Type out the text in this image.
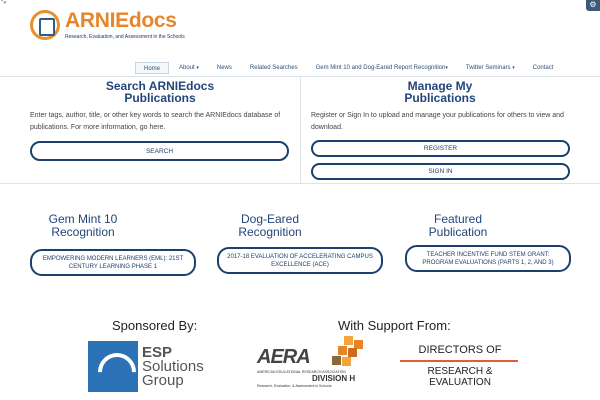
"»	⚙
ARNIEdocs
Research, Evaluation, and Assessment in the Schools
Home	About ▾	News	Related Searches	Gem Mint 10 and Dog-Eared Report Recognition▾	Twitter Seminars ▾	Contact
Search ARNIEdocs
Publications
Enter tags, author, title, or other key words to search the ARNIEdocs database of
publications. For more information, go here.
SEARCH
Manage My
Publications
Register or Sign In to upload and manage your publications for others to view and
download.
REGISTER
SIGN IN
Gem Mint 10
Recognition
EMPOWERING MODERN LEARNERS (EML): 21ST CENTURY LEARNING PHASE 1
Dog-Eared
Recognition
2017-18 EVALUATION OF ACCELERATING CAMPUS EXCELLENCE (ACE)
Featured
Publication
TEACHER INCENTIVE FUND STEM GRANT: PROGRAM EVALUATIONS (PARTS 1, 2, AND 3)
Sponsored By:	With Support From:
ESP
Solutions
Group
AERA
AMERICAN EDUCATIONAL RESEARCH ASSOCIATION
DIVISION H
Research, Evaluation, & Assessment in Schools
DIRECTORS OF
RESEARCH & EVALUATION
